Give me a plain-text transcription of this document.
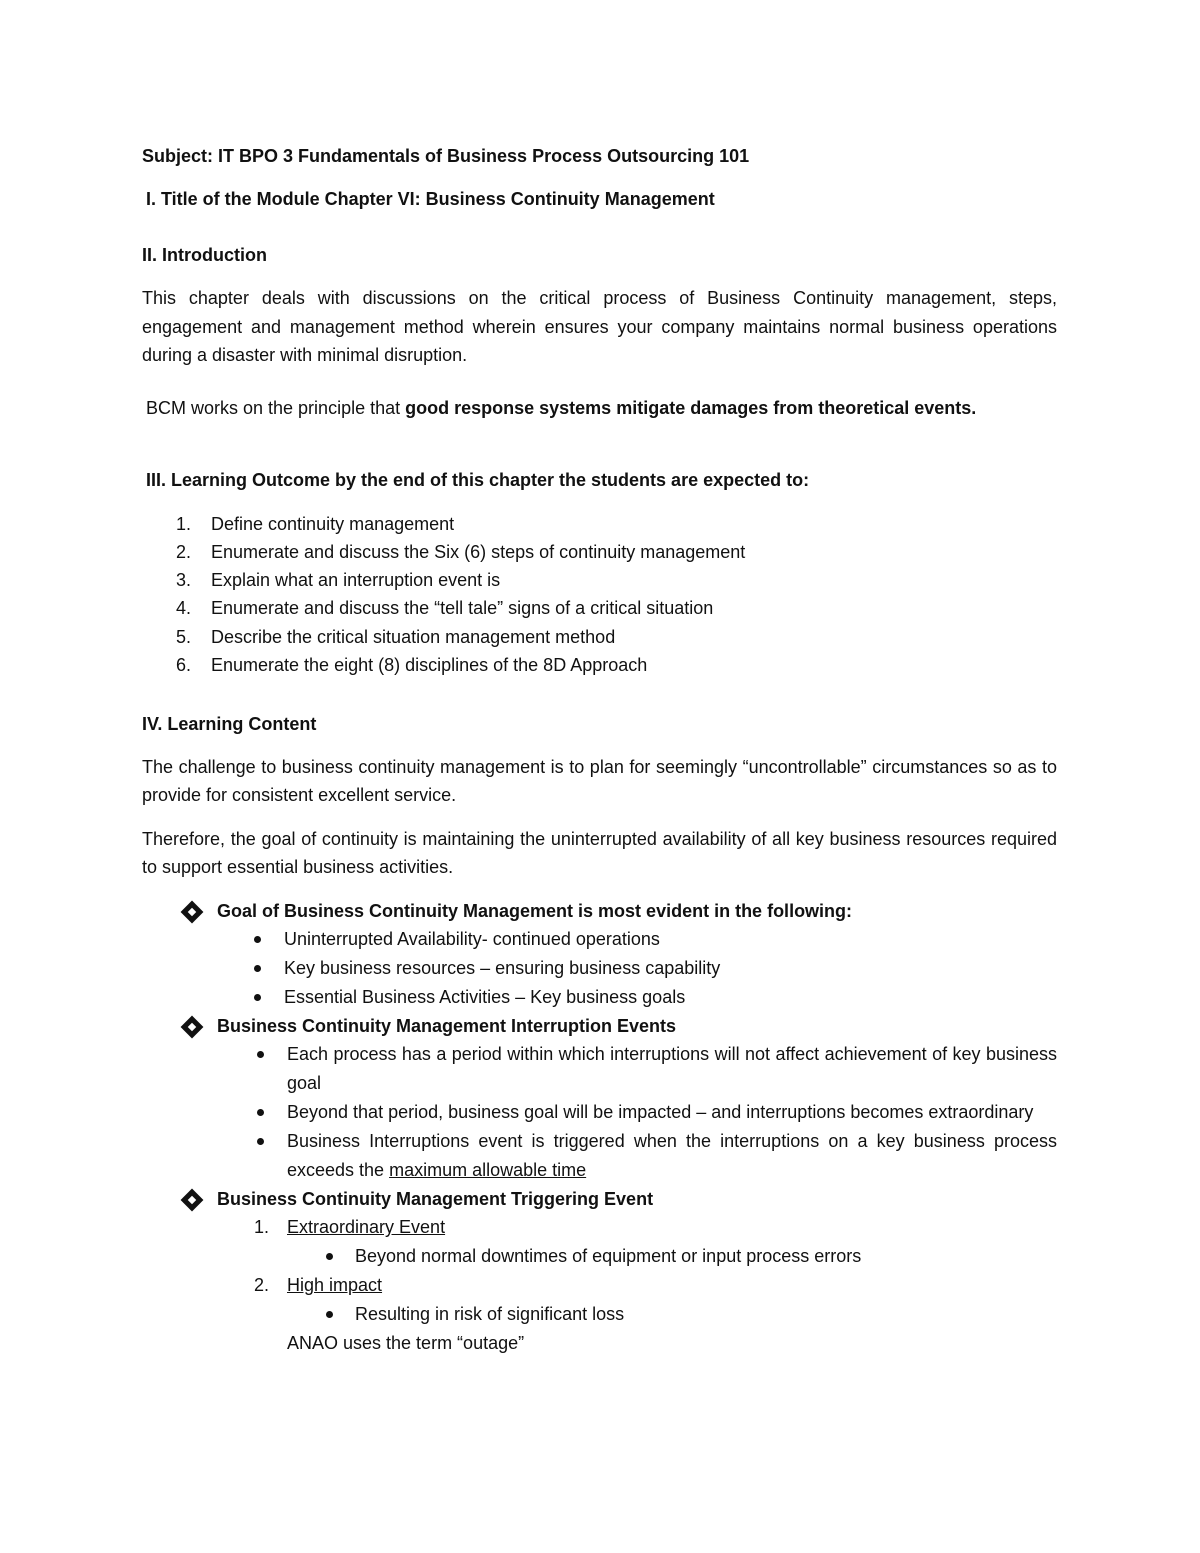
Subject: IT BPO 3 Fundamentals of Business Process Outsourcing 101

I. Title of the Module Chapter VI: Business Continuity Management

II. Introduction

This chapter deals with discussions on the critical process of Business Continuity management, steps, engagement and management method wherein ensures your company maintains normal business operations during a disaster with minimal disruption.

BCM works on the principle that good response systems mitigate damages from theoretical events.

III. Learning Outcome by the end of this chapter the students are expected to:

1. Define continuity management
2. Enumerate and discuss the Six (6) steps of continuity management
3. Explain what an interruption event is
4. Enumerate and discuss the “tell tale” signs of a critical situation
5. Describe the critical situation management method
6. Enumerate the eight (8) disciplines of the 8D Approach

IV. Learning Content

The challenge to business continuity management is to plan for seemingly “uncontrollable” circumstances so as to provide for consistent excellent service.

Therefore, the goal of continuity is maintaining the uninterrupted availability of all key business resources required to support essential business activities.

Goal of Business Continuity Management is most evident in the following:
Uninterrupted Availability- continued operations
Key business resources – ensuring business capability
Essential Business Activities – Key business goals
Business Continuity Management Interruption Events
Each process has a period within which interruptions will not affect achievement of key business goal
Beyond that period, business goal will be impacted – and interruptions becomes extraordinary
Business Interruptions event is triggered when the interruptions on a key business process exceeds the maximum allowable time
Business Continuity Management Triggering Event
1. Extraordinary Event
Beyond normal downtimes of equipment or input process errors
2. High impact
Resulting in risk of significant loss

ANAO uses the term “outage”
